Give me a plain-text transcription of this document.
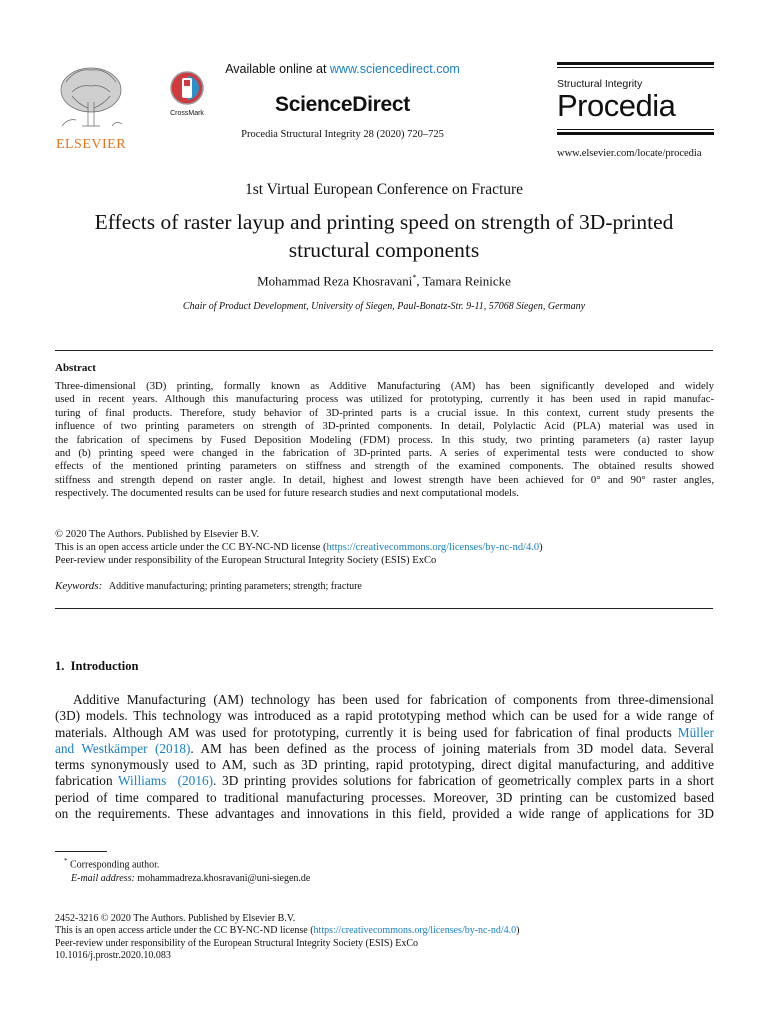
ELSEVIER
CrossMark
Available online at www.sciencedirect.com
ScienceDirect
Procedia Structural Integrity 28 (2020) 720–725
Structural Integrity
Procedia
www.elsevier.com/locate/procedia
1st Virtual European Conference on Fracture
Effects of raster layup and printing speed on strength of 3D-printed
structural components
Mohammad Reza Khosravani*, Tamara Reinicke
Chair of Product Development, University of Siegen, Paul-Bonatz-Str. 9-11, 57068 Siegen, Germany
Abstract
Three-dimensional (3D) printing, formally known as Additive Manufacturing (AM) has been significantly developed and widely
used in recent years. Although this manufacturing process was utilized for prototyping, currently it has been used in rapid manufac-
turing of final products. Therefore, study behavior of 3D-printed parts is a crucial issue. In this context, current study presents the
influence of two printing parameters on strength of 3D-printed components. In detail, Polylactic Acid (PLA) material was used in
the fabrication of specimens by Fused Deposition Modeling (FDM) process. In this study, two printing parameters (a) raster layup
and (b) printing speed were changed in the fabrication of 3D-printed parts. A series of experimental tests were conducted to show
effects of the mentioned printing parameters on stiffness and strength of the examined components. The obtained results showed
stiffness and strength depend on raster angle. In detail, highest and lowest strength have been achieved for 0° and 90° raster angles,
respectively. The documented results can be used for future research studies and next computational models.
© 2020 The Authors. Published by Elsevier B.V.
This is an open access article under the CC BY-NC-ND license (https://creativecommons.org/licenses/by-nc-nd/4.0)
Peer-review under responsibility of the European Structural Integrity Society (ESIS) ExCo
Keywords: Additive manufacturing; printing parameters; strength; fracture
1.  Introduction
Additive Manufacturing (AM) technology has been used for fabrication of components from three-dimensional
(3D) models. This technology was introduced as a rapid prototyping method which can be used for a wide range of
materials. Although AM was used for prototyping, currently it is being used for fabrication of final products Müller
and Westkämper (2018). AM has been defined as the process of joining materials from 3D model data. Several
terms synonymously used to AM, such as 3D printing, rapid prototyping, direct digital manufacturing, and additive
fabrication Williams (2016). 3D printing provides solutions for fabrication of geometrically complex parts in a short
period of time compared to traditional manufacturing processes. Moreover, 3D printing can be customized based
on the requirements. These advantages and innovations in this field, provided a wide range of applications for 3D
* Corresponding author.
E-mail address: mohammadreza.khosravani@uni-siegen.de
2452-3216 © 2020 The Authors. Published by Elsevier B.V.
This is an open access article under the CC BY-NC-ND license (https://creativecommons.org/licenses/by-nc-nd/4.0)
Peer-review under responsibility of the European Structural Integrity Society (ESIS) ExCo
10.1016/j.prostr.2020.10.083
